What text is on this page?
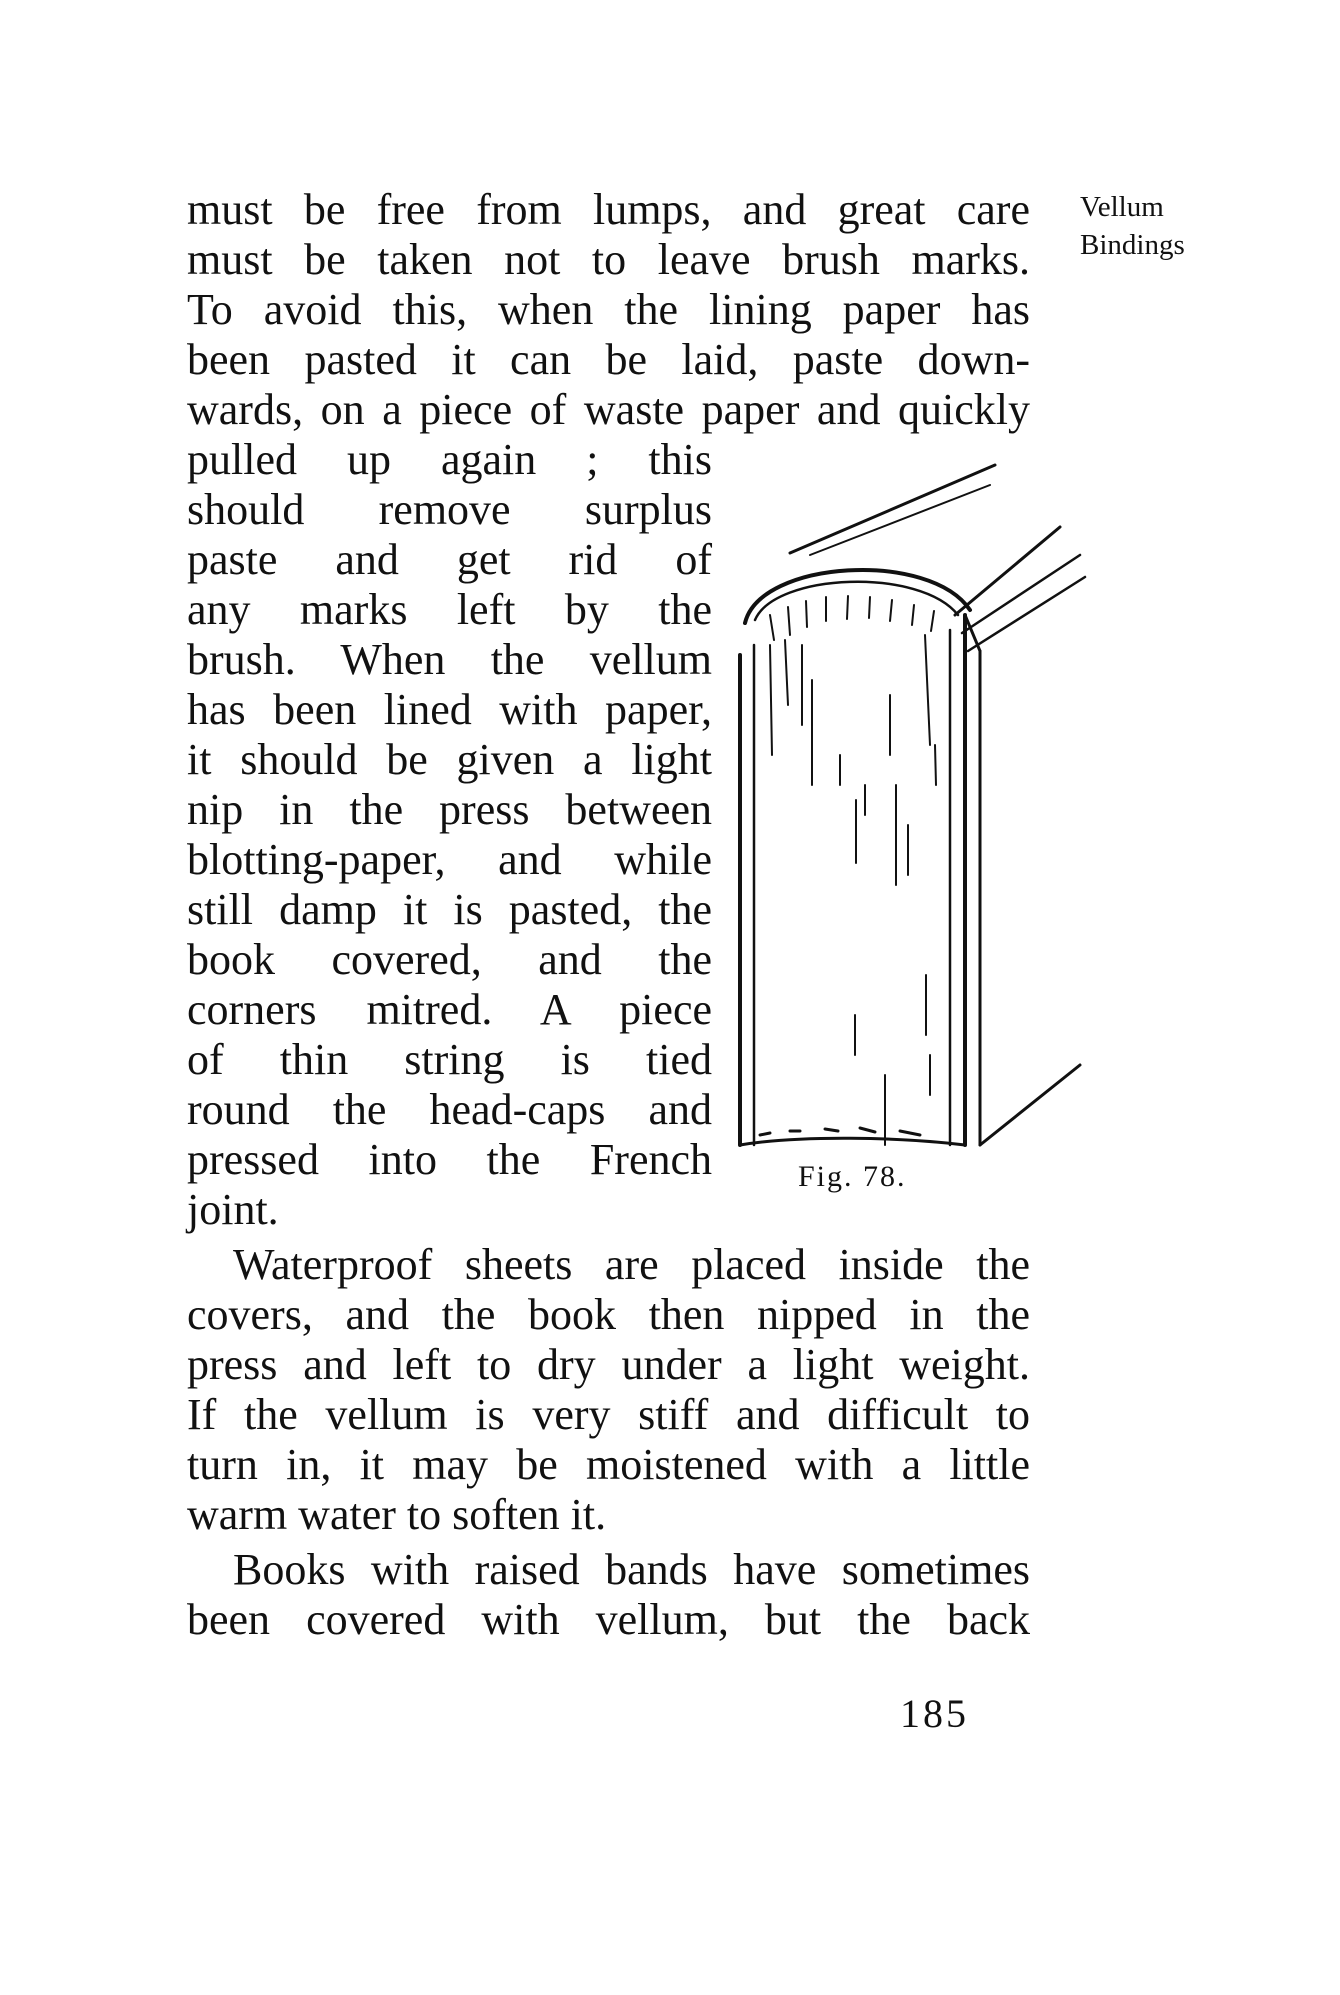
Vellum
Bindings
must be free from lumps, and great care
must be taken not to leave brush marks.
To avoid this, when the lining paper has
been pasted it can be laid, paste down-
wards, on a piece of waste paper and quickly
pulled up again ; this
should remove surplus
paste and get rid of
any marks left by the
brush. When the vellum
has been lined with paper,
it should be given a light
nip in the press between
blotting-paper, and while
still damp it is pasted, the
book covered, and the
corners mitred. A piece
of thin string is tied
round the head-caps and
pressed into the French
joint.
Waterproof sheets are placed inside the
covers, and the book then nipped in the
press and left to dry under a light weight.
If the vellum is very stiff and difficult to
turn in, it may be moistened with a little
warm water to soften it.
Books with raised bands have sometimes
been covered with vellum, but the back
Fig. 78.
185
